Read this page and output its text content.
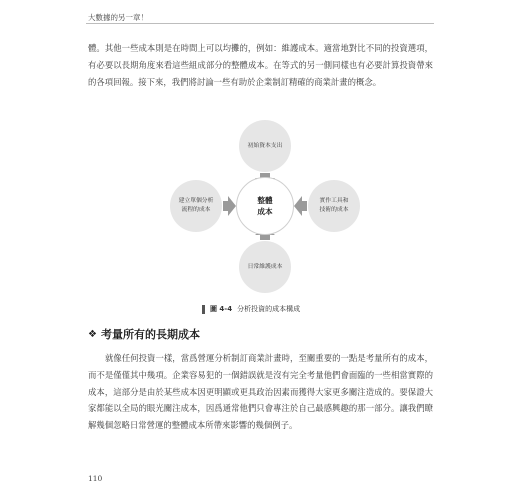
大數據的另一章！

體。其他一些成本則是在時間上可以均攤的，例如：維護成本。適當地對比不同的投資選項，有必要以長期角度來看這些組成部分的整體成本。在等式的另一側同樣也有必要計算投資帶來的各項回報。接下來，我們將討論一些有助於企業制訂精確的商業計畫的概念。

初始資本支出
建立單個分析
流程的成本
整體
成本
實作工具和
技術的成本
日常維護成本
圖 4-4 分析投資的成本構成
❖ 考量所有的長期成本

就像任何投資一樣，當爲營運分析制訂商業計畫時，至關重要的一點是考量所有的成本，而不是僅僅其中幾項。企業容易犯的一個錯誤就是沒有完全考量他們會面臨的一些相當實際的成本，這部分是由於某些成本因更明顯或更具政治因素而獲得大家更多關注造成的。要保證大家都能以全局的眼光關注成本，因爲通常他們只會專注於自己最感興趣的那一部分。讓我們瞭解幾個忽略日常營運的整體成本所帶來影響的幾個例子。

110
